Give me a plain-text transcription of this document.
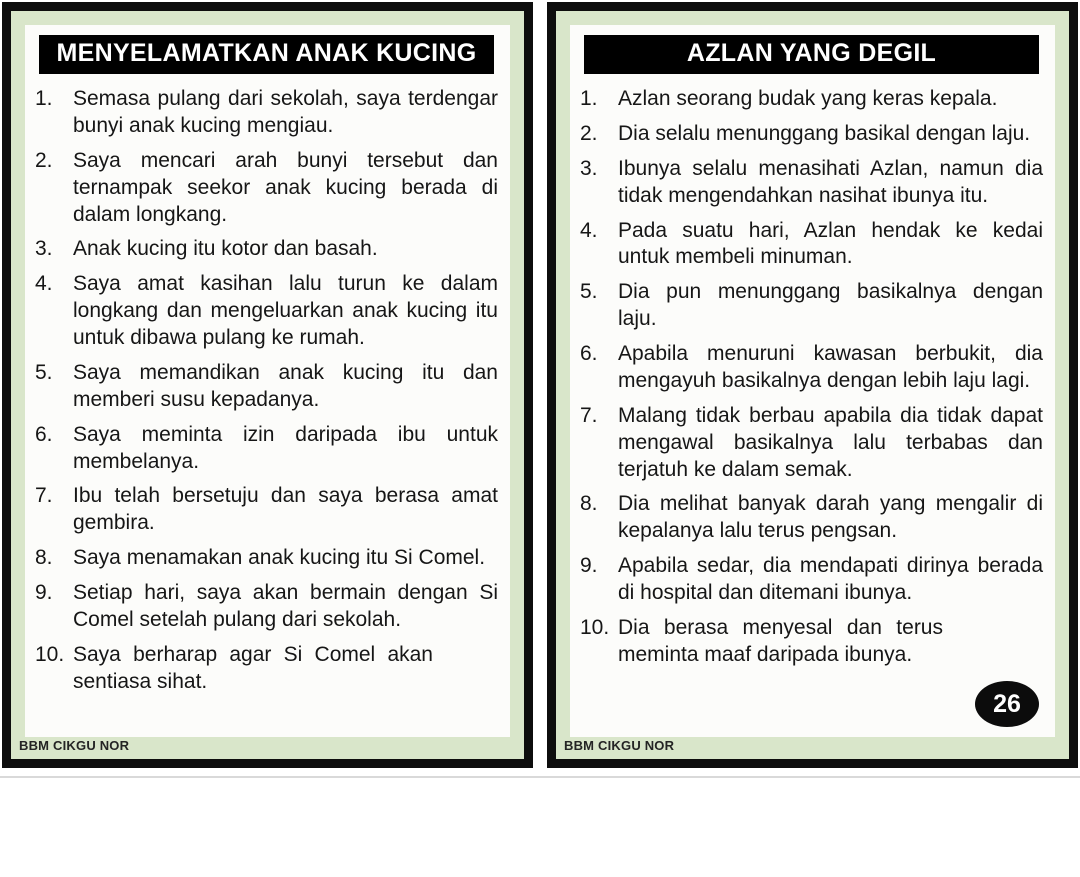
MENYELAMATKAN ANAK KUCING
1. Semasa pulang dari sekolah, saya terdengar bunyi anak kucing mengiau.
2. Saya mencari arah bunyi tersebut dan ternampak seekor anak kucing berada di dalam longkang.
3. Anak kucing itu kotor dan basah.
4. Saya amat kasihan lalu turun ke dalam longkang dan mengeluarkan anak kucing itu untuk dibawa pulang ke rumah.
5. Saya memandikan anak kucing itu dan memberi susu kepadanya.
6. Saya meminta izin daripada ibu untuk membelanya.
7. Ibu telah bersetuju dan saya berasa amat gembira.
8. Saya menamakan anak kucing itu Si Comel.
9. Setiap hari, saya akan bermain dengan Si Comel setelah pulang dari sekolah.
10. Saya berharap agar Si Comel akan sentiasa sihat.
BBM CIKGU NOR
AZLAN YANG DEGIL
1. Azlan seorang budak yang keras kepala.
2. Dia selalu menunggang basikal dengan laju.
3. Ibunya selalu menasihati Azlan, namun dia tidak mengendahkan nasihat ibunya itu.
4. Pada suatu hari, Azlan hendak ke kedai untuk membeli minuman.
5. Dia pun menunggang basikalnya dengan laju.
6. Apabila menuruni kawasan berbukit, dia mengayuh basikalnya dengan lebih laju lagi.
7. Malang tidak berbau apabila dia tidak dapat mengawal basikalnya lalu terbabas dan terjatuh ke dalam semak.
8. Dia melihat banyak darah yang mengalir di kepalanya lalu terus pengsan.
9. Apabila sedar, dia mendapati dirinya berada di hospital dan ditemani ibunya.
10. Dia berasa menyesal dan terus meminta maaf daripada ibunya.
26
BBM CIKGU NOR
